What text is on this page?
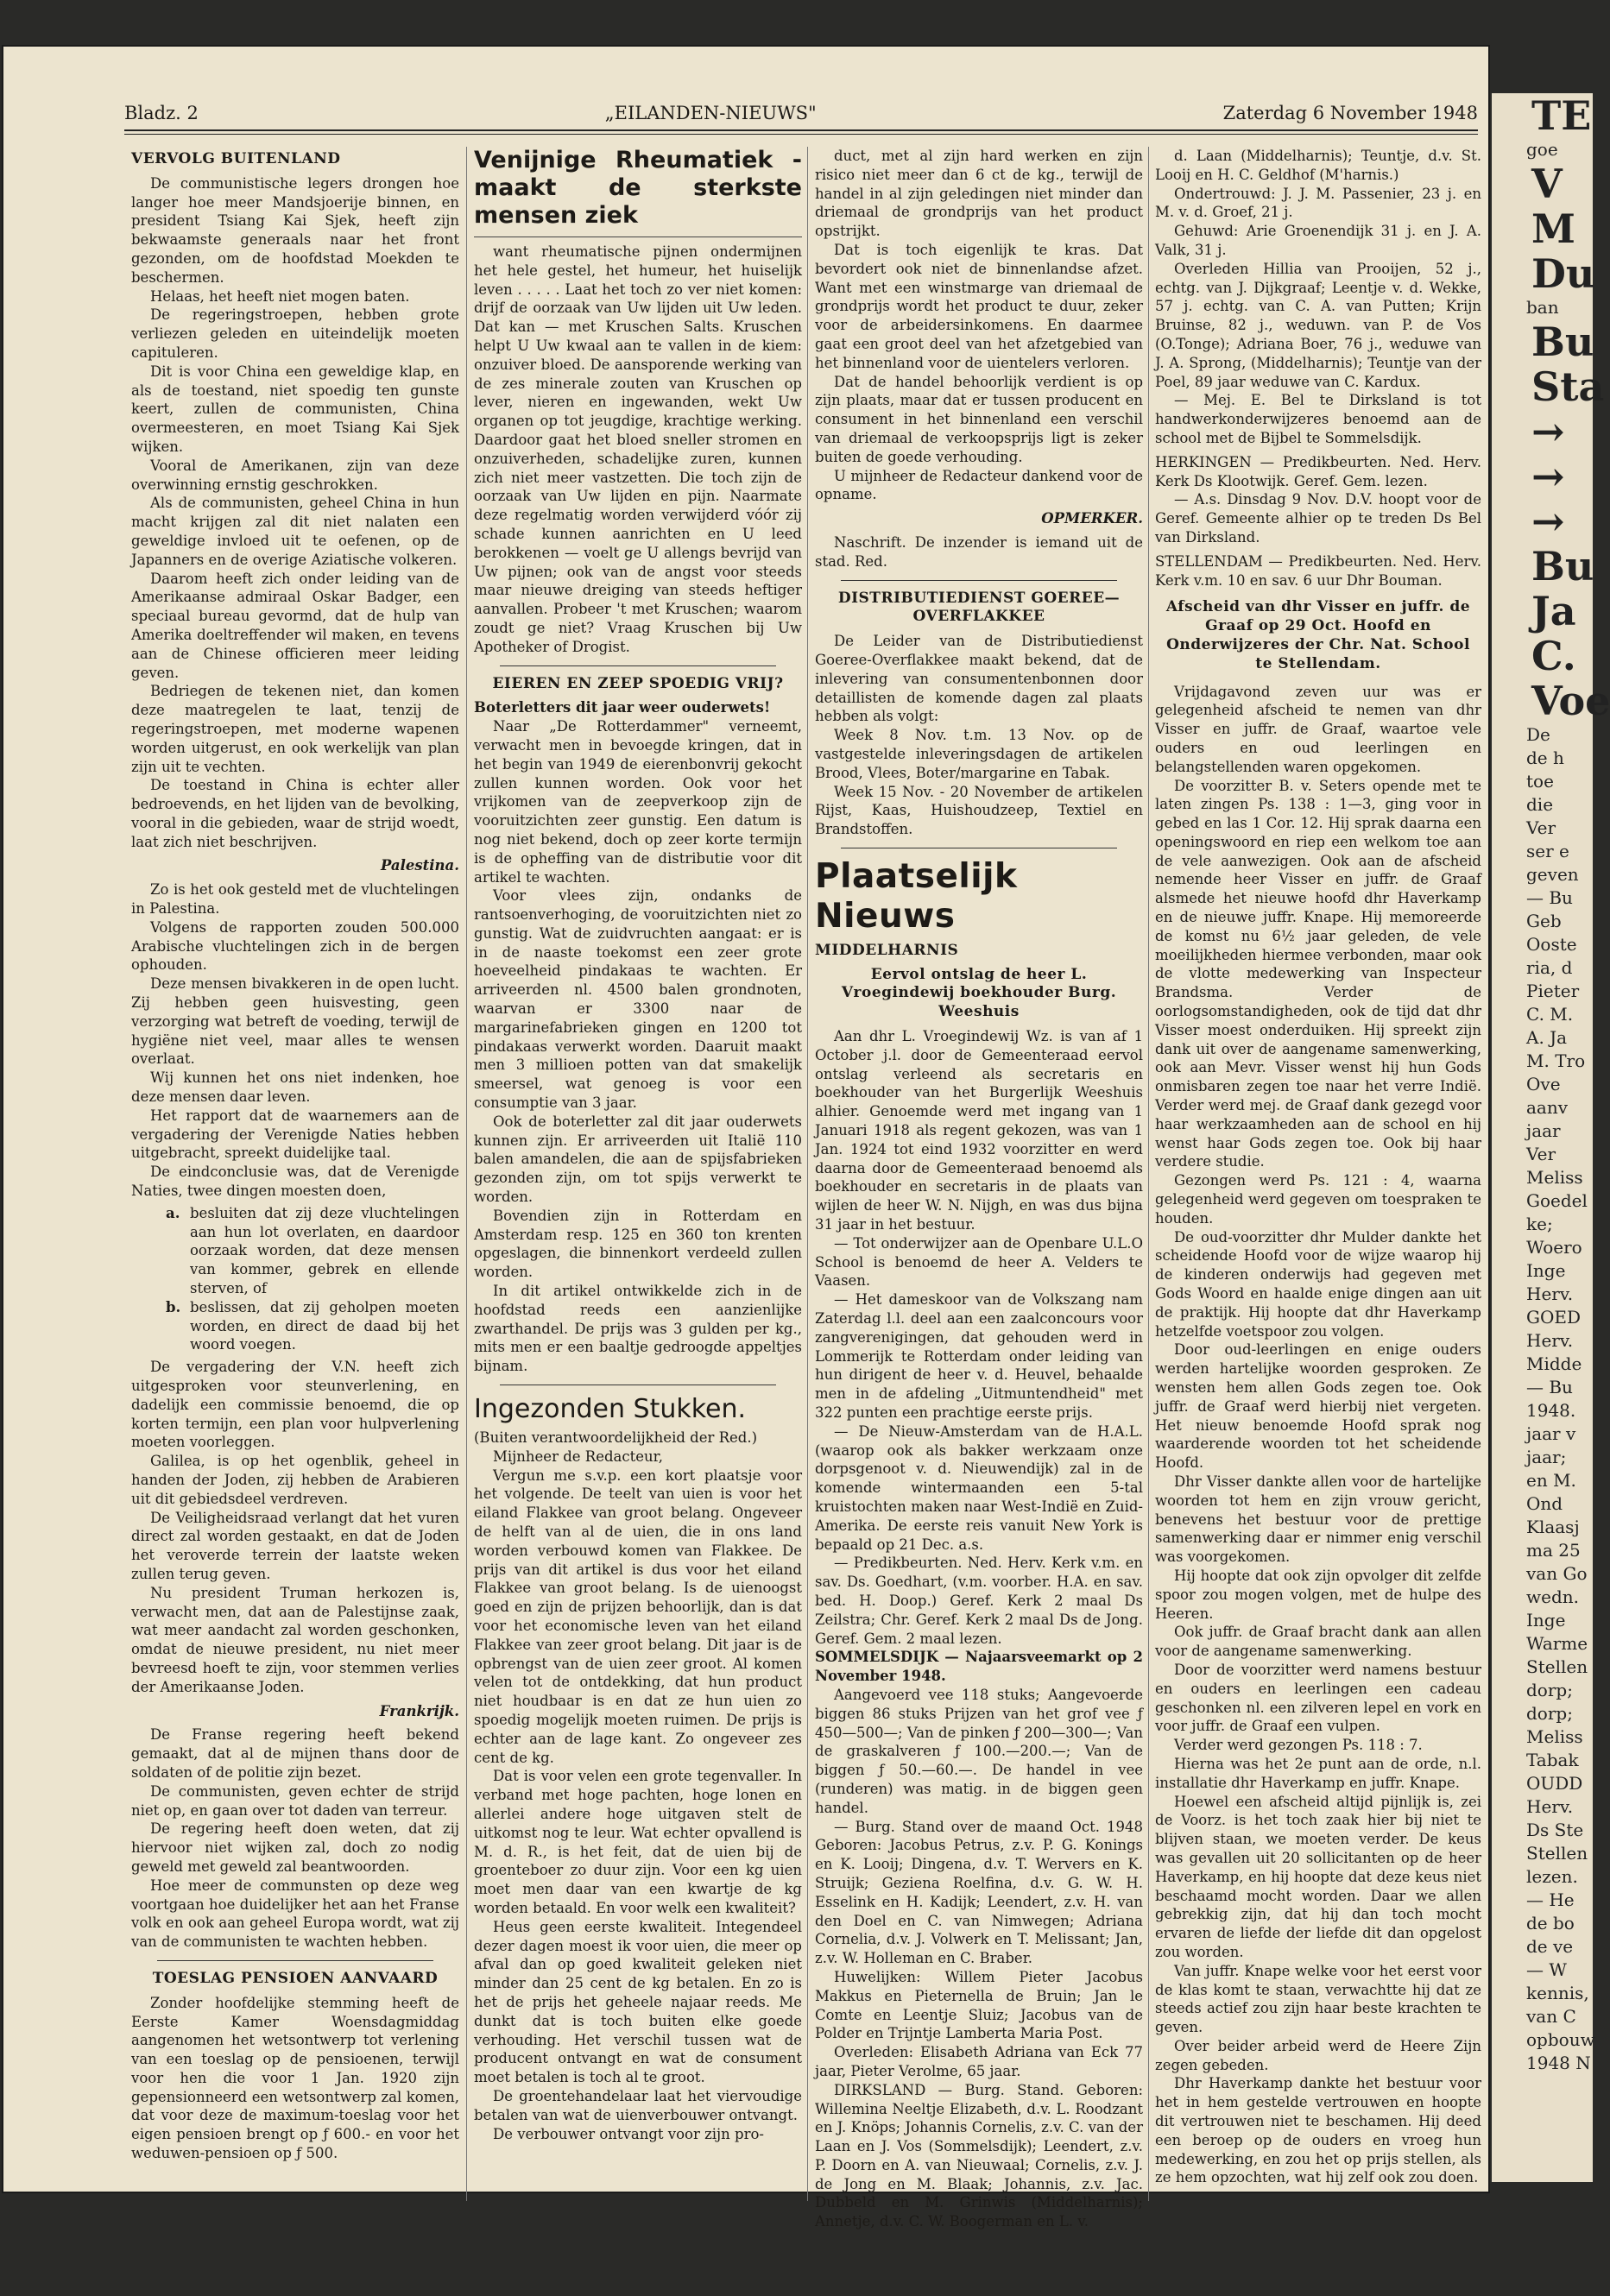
Bladz. 2	„EILANDEN-NIEUWS"	Zaterdag 6 November 1948
VERVOLG BUITENLAND

De communistische legers drongen hoe langer hoe meer Mandsjoerije binnen, en president Tsiang Kai Sjek, heeft zijn bekwaamste generaals naar het front gezonden, om de hoofdstad Moekden te beschermen.

Helaas, het heeft niet mogen baten.

De regeringstroepen, hebben grote verliezen geleden en uiteindelijk moeten capituleren.

Dit is voor China een geweldige klap, en als de toestand, niet spoedig ten gunste keert, zullen de communisten, China overmeesteren, en moet Tsiang Kai Sjek wijken.

Vooral de Amerikanen, zijn van deze overwinning ernstig geschrokken.

Als de communisten, geheel China in hun macht krijgen zal dit niet nalaten een geweldige invloed uit te oefenen, op de Japanners en de overige Aziatische volkeren.

Daarom heeft zich onder leiding van de Amerikaanse admiraal Oskar Badger, een speciaal bureau gevormd, dat de hulp van Amerika doeltreffender wil maken, en tevens aan de Chinese officieren meer leiding geven.

Bedriegen de tekenen niet, dan komen deze maatregelen te laat, tenzij de regeringstroepen, met moderne wapenen worden uitgerust, en ook werkelijk van plan zijn uit te vechten.

De toestand in China is echter aller bedroevends, en het lijden van de bevolking, vooral in die gebieden, waar de strijd woedt, laat zich niet beschrijven.

Palestina.

Zo is het ook gesteld met de vluchtelingen in Palestina.

Volgens de rapporten zouden 500.000 Arabische vluchtelingen zich in de bergen ophouden.

Deze mensen bivakkeren in de open lucht. Zij hebben geen huisvesting, geen verzorging wat betreft de voeding, terwijl de hygiëne niet veel, maar alles te wensen overlaat.

Wij kunnen het ons niet indenken, hoe deze mensen daar leven.

Het rapport dat de waarnemers aan de vergadering der Verenigde Naties hebben uitgebracht, spreekt duidelijke taal.

De eindconclusie was, dat de Verenigde Naties, twee dingen moesten doen,

a. besluiten dat zij deze vluchtelingen aan hun lot overlaten, en daardoor oorzaak worden, dat deze mensen van kommer, gebrek en ellende sterven, of
b. beslissen, dat zij geholpen moeten worden, en direct de daad bij het woord voegen.

De vergadering der V.N. heeft zich uitgesproken voor steunverlening, en dadelijk een commissie benoemd, die op korten termijn, een plan voor hulpverlening moeten voorleggen.

Galilea, is op het ogenblik, geheel in handen der Joden, zij hebben de Arabieren uit dit gebiedsdeel verdreven.

De Veiligheidsraad verlangt dat het vuren direct zal worden gestaakt, en dat de Joden het veroverde terrein der laatste weken zullen terug geven.

Nu president Truman herkozen is, verwacht men, dat aan de Palestijnse zaak, wat meer aandacht zal worden geschonken, omdat de nieuwe president, nu niet meer bevreesd hoeft te zijn, voor stemmen verlies der Amerikaanse Joden.

Frankrijk.

De Franse regering heeft bekend gemaakt, dat al de mijnen thans door de soldaten of de politie zijn bezet.

De communisten, geven echter de strijd niet op, en gaan over tot daden van terreur.

De regering heeft doen weten, dat zij hiervoor niet wijken zal, doch zo nodig geweld met geweld zal beantwoorden.

Hoe meer de communsten op deze weg voortgaan hoe duidelijker het aan het Franse volk en ook aan geheel Europa wordt, wat zij van de communisten te wachten hebben.

TOESLAG PENSIOEN AANVAARD

Zonder hoofdelijke stemming heeft de Eerste Kamer Woensdagmiddag aangenomen het wetsontwerp tot verlening van een toeslag op de pensioenen, terwijl voor hen die voor 1 Jan. 1920 zijn gepensionneerd een wetsontwerp zal komen, dat voor deze de maximum-toeslag voor het eigen pensioen brengt op ƒ 600.- en voor het weduwen-pensioen op ƒ 500.

Venijnige Rheumatiek - maakt de sterkste mensen ziek

want rheumatische pijnen ondermijnen het hele gestel, het humeur, het huiselijk leven . . . . . Laat het toch zo ver niet komen: drijf de oorzaak van Uw lijden uit Uw leden. Dat kan — met Kruschen Salts. Kruschen helpt U Uw kwaal aan te vallen in de kiem: onzuiver bloed. De aansporende werking van de zes minerale zouten van Kruschen op lever, nieren en ingewanden, wekt Uw organen op tot jeugdige, krachtige werking. Daardoor gaat het bloed sneller stromen en onzuiverheden, schadelijke zuren, kunnen zich niet meer vastzetten. Die toch zijn de oorzaak van Uw lijden en pijn. Naarmate deze regelmatig worden verwijderd vóór zij schade kunnen aanrichten en U leed berokkenen — voelt ge U allengs bevrijd van Uw pijnen; ook van de angst voor steeds maar nieuwe dreiging van steeds heftiger aanvallen. Probeer 't met Kruschen; waarom zoudt ge niet? Vraag Kruschen bij Uw Apotheker of Drogist.

EIEREN EN ZEEP SPOEDIG VRIJ?

Boterletters dit jaar weer ouderwets!

Naar „De Rotterdammer" verneemt, verwacht men in bevoegde kringen, dat in het begin van 1949 de eierenbonvrij gekocht zullen kunnen worden. Ook voor het vrijkomen van de zeepverkoop zijn de vooruitzichten zeer gunstig. Een datum is nog niet bekend, doch op zeer korte termijn is de opheffing van de distributie voor dit artikel te wachten.

Voor vlees zijn, ondanks de rantsoenverhoging, de vooruitzichten niet zo gunstig. Wat de zuidvruchten aangaat: er is in de naaste toekomst een zeer grote hoeveelheid pindakaas te wachten. Er arriveerden nl. 4500 balen grondnoten, waarvan er 3300 naar de margarinefabrieken gingen en 1200 tot pindakaas verwerkt worden. Daaruit maakt men 3 millioen potten van dat smakelijk smeersel, wat genoeg is voor een consumptie van 3 jaar.

Ook de boterletter zal dit jaar ouderwets kunnen zijn. Er arriveerden uit Italië 110 balen amandelen, die aan de spijsfabrieken gezonden zijn, om tot spijs verwerkt te worden.

Bovendien zijn in Rotterdam en Amsterdam resp. 125 en 360 ton krenten opgeslagen, die binnenkort verdeeld zullen worden.

In dit artikel ontwikkelde zich in de hoofdstad reeds een aanzienlijke zwarthandel. De prijs was 3 gulden per kg., mits men er een baaltje gedroogde appeltjes bijnam.

Ingezonden Stukken.

(Buiten verantwoordelijkheid der Red.)

Mijnheer de Redacteur,

Vergun me s.v.p. een kort plaatsje voor het volgende. De teelt van uien is voor het eiland Flakkee van groot belang. Ongeveer de helft van al de uien, die in ons land worden verbouwd komen van Flakkee. De prijs van dit artikel is dus voor het eiland Flakkee van groot belang. Is de uienoogst goed en zijn de prijzen behoorlijk, dan is dat voor het economische leven van het eiland Flakkee van zeer groot belang. Dit jaar is de opbrengst van de uien zeer groot. Al komen velen tot de ontdekking, dat hun product niet houdbaar is en dat ze hun uien zo spoedig mogelijk moeten ruimen. De prijs is echter aan de lage kant. Zo ongeveer zes cent de kg.

Dat is voor velen een grote tegenvaller. In verband met hoge pachten, hoge lonen en allerlei andere hoge uitgaven stelt de uitkomst nog te leur. Wat echter opvallend is M. d. R., is het feit, dat de uien bij de groenteboer zo duur zijn. Voor een kg uien moet men daar van een kwartje de kg worden betaald. En voor welk een kwaliteit?

Heus geen eerste kwaliteit. Integendeel dezer dagen moest ik voor uien, die meer op afval dan op goed kwaliteit geleken niet minder dan 25 cent de kg betalen. En zo is het de prijs het geheele najaar reeds. Me dunkt dat is toch buiten elke goede verhouding. Het verschil tussen wat de producent ontvangt en wat de consument moet betalen is toch al te groot.

De groentehandelaar laat het viervoudige betalen van wat de uienverbouwer ontvangt.

De verbouwer ontvangt voor zijn pro-

duct, met al zijn hard werken en zijn risico niet meer dan 6 ct de kg., terwijl de handel in al zijn geledingen niet minder dan driemaal de grondprijs van het product opstrijkt.

Dat is toch eigenlijk te kras. Dat bevordert ook niet de binnenlandse afzet. Want met een winstmarge van driemaal de grondprijs wordt het product te duur, zeker voor de arbeidersinkomens. En daarmee gaat een groot deel van het afzetgebied van het binnenland voor de uientelers verloren.

Dat de handel behoorlijk verdient is op zijn plaats, maar dat er tussen producent en consument in het binnenland een verschil van driemaal de verkoopsprijs ligt is zeker buiten de goede verhouding.

U mijnheer de Redacteur dankend voor de opname.

OPMERKER.

Naschrift. De inzender is iemand uit de stad. Red.

DISTRIBUTIEDIENST GOEREE—OVERFLAKKEE

De Leider van de Distributiedienst Goeree-Overflakkee maakt bekend, dat de inlevering van consumentenbonnen door detaillisten de komende dagen zal plaats hebben als volgt:

Week 8 Nov. t.m. 13 Nov. op de vastgestelde inleveringsdagen de artikelen Brood, Vlees, Boter/margarine en Tabak.

Week 15 Nov. - 20 November de artikelen Rijst, Kaas, Huishoudzeep, Textiel en Brandstoffen.

Plaatselijk Nieuws
MIDDELHARNIS
Eervol ontslag de heer L. Vroegindewij boekhouder Burg. Weeshuis

Aan dhr L. Vroegindewij Wz. is van af 1 October j.l. door de Gemeenteraad eervol ontslag verleend als secretaris en boekhouder van het Burgerlijk Weeshuis alhier. Genoemde werd met ingang van 1 Januari 1918 als regent gekozen, was van 1 Jan. 1924 tot eind 1932 voorzitter en werd daarna door de Gemeenteraad benoemd als boekhouder en secretaris in de plaats van wijlen de heer W. N. Nijgh, en was dus bijna 31 jaar in het bestuur.

— Tot onderwijzer aan de Openbare U.L.O School is benoemd de heer A. Velders te Vaasen.

— Het dameskoor van de Volkszang nam Zaterdag l.l. deel aan een zaalconcours voor zangverenigingen, dat gehouden werd in Lommerijk te Rotterdam onder leiding van hun dirigent de heer v. d. Heuvel, behaalde men in de afdeling „Uitmuntendheid" met 322 punten een prachtige eerste prijs.

— De Nieuw-Amsterdam van de H.A.L. (waarop ook als bakker werkzaam onze dorpsgenoot v. d. Nieuwendijk) zal in de komende wintermaanden een 5-tal kruistochten maken naar West-Indië en Zuid-Amerika. De eerste reis vanuit New York is bepaald op 21 Dec. a.s.

— Predikbeurten. Ned. Herv. Kerk v.m. en sav. Ds. Goedhart, (v.m. voorber. H.A. en sav. bed. H. Doop.) Geref. Kerk 2 maal Ds Zeilstra; Chr. Geref. Kerk 2 maal Ds de Jong. Geref. Gem. 2 maal lezen.

SOMMELSDIJK — Najaarsveemarkt op 2 November 1948.

Aangevoerd vee 118 stuks; Aangevoerde biggen 86 stuks Prijzen van het grof vee ƒ 450—500—; Van de pinken ƒ 200—300—; Van de graskalveren ƒ 100.—200.—; Van de biggen ƒ 50.—60.—. De handel in vee (runderen) was matig. in de biggen geen handel.

— Burg. Stand over de maand Oct. 1948 Geboren: Jacobus Petrus, z.v. P. G. Konings en K. Looij; Dingena, d.v. T. Wervers en K. Struijk; Geziena Roelfina, d.v. G. W. H. Esselink en H. Kadijk; Leendert, z.v. H. van den Doel en C. van Nimwegen; Adriana Cornelia, d.v. J. Volwerk en T. Melissant; Jan, z.v. W. Holleman en C. Braber.

Huwelijken: Willem Pieter Jacobus Makkus en Pieternella de Bruin; Jan le Comte en Leentje Sluiz; Jacobus van de Polder en Trijntje Lamberta Maria Post.

Overleden: Elisabeth Adriana van Eck 77 jaar, Pieter Verolme, 65 jaar.

DIRKSLAND — Burg. Stand. Geboren: Willemina Neeltje Elizabeth, d.v. L. Roodzant en J. Knöps; Johannis Cornelis, z.v. C. van der Laan en J. Vos (Sommelsdijk); Leendert, z.v. P. Doorn en A. van Nieuwaal; Cornelis, z.v. J. de Jong en M. Blaak; Johannis, z.v. Jac. Dubbeld en M. Grinwis (Middelharnis); Annetje, d.v. C. W. Boogerman en L. v.

d. Laan (Middelharnis); Teuntje, d.v. St. Looij en H. C. Geldhof (M'harnis.)

Ondertrouwd: J. J. M. Passenier, 23 j. en M. v. d. Groef, 21 j.

Gehuwd: Arie Groenendijk 31 j. en J. A. Valk, 31 j.

Overleden Hillia van Prooijen, 52 j., echtg. van J. Dijkgraaf; Leentje v. d. Wekke, 57 j. echtg. van C. A. van Putten; Krijn Bruinse, 82 j., weduwn. van P. de Vos (O.Tonge); Adriana Boer, 76 j., weduwe van J. A. Sprong, (Middelharnis); Teuntje van der Poel, 89 jaar weduwe van C. Kardux.

— Mej. E. Bel te Dirksland is tot handwerkonderwijzeres benoemd aan de school met de Bijbel te Sommelsdijk.

HERKINGEN — Predikbeurten. Ned. Herv. Kerk Ds Klootwijk. Geref. Gem. lezen.

— A.s. Dinsdag 9 Nov. D.V. hoopt voor de Geref. Gemeente alhier op te treden Ds Bel van Dirksland.

STELLENDAM — Predikbeurten. Ned. Herv. Kerk v.m. 10 en sav. 6 uur Dhr Bouman.

Afscheid van dhr Visser en juffr. de Graaf op 29 Oct. Hoofd en Onderwijzeres der Chr. Nat. School te Stellendam.

Vrijdagavond zeven uur was er gelegenheid afscheid te nemen van dhr Visser en juffr. de Graaf, waartoe vele ouders en oud leerlingen en belangstellenden waren opgekomen.

De voorzitter B. v. Seters opende met te laten zingen Ps. 138 : 1—3, ging voor in gebed en las 1 Cor. 12. Hij sprak daarna een openingswoord en riep een welkom toe aan de vele aanwezigen. Ook aan de afscheid nemende heer Visser en juffr. de Graaf alsmede het nieuwe hoofd dhr Haverkamp en de nieuwe juffr. Knape. Hij memoreerde de komst nu 6½ jaar geleden, de vele moeilijkheden hiermee verbonden, maar ook de vlotte medewerking van Inspecteur Brandsma. Verder de oorlogsomstandigheden, ook de tijd dat dhr Visser moest onderduiken. Hij spreekt zijn dank uit over de aangename samenwerking, ook aan Mevr. Visser wenst hij hun Gods onmisbaren zegen toe naar het verre Indië. Verder werd mej. de Graaf dank gezegd voor haar werkzaamheden aan de school en hij wenst haar Gods zegen toe. Ook bij haar verdere studie.

Gezongen werd Ps. 121 : 4, waarna gelegenheid werd gegeven om toespraken te houden.

De oud-voorzitter dhr Mulder dankte het scheidende Hoofd voor de wijze waarop hij de kinderen onderwijs had gegeven met Gods Woord en haalde enige dingen aan uit de praktijk. Hij hoopte dat dhr Haverkamp hetzelfde voetspoor zou volgen.

Door oud-leerlingen en enige ouders werden hartelijke woorden gesproken. Ze wensten hem allen Gods zegen toe. Ook juffr. de Graaf werd hierbij niet vergeten. Het nieuw benoemde Hoofd sprak nog waarderende woorden tot het scheidende Hoofd.

Dhr Visser dankte allen voor de hartelijke woorden tot hem en zijn vrouw gericht, benevens het bestuur voor de prettige samenwerking daar er nimmer enig verschil was voorgekomen.

Hij hoopte dat ook zijn opvolger dit zelfde spoor zou mogen volgen, met de hulpe des Heeren.

Ook juffr. de Graaf bracht dank aan allen voor de aangename samenwerking.

Door de voorzitter werd namens bestuur en ouders en leerlingen een cadeau geschonken nl. een zilveren lepel en vork en voor juffr. de Graaf een vulpen.

Verder werd gezongen Ps. 118 : 7.

Hierna was het 2e punt aan de orde, n.l. installatie dhr Haverkamp en juffr. Knape.

Hoewel een afscheid altijd pijnlijk is, zei de Voorz. is het toch zaak hier bij niet te blijven staan, we moeten verder. De keus was gevallen uit 20 sollicitanten op de heer Haverkamp, en hij hoopte dat deze keus niet beschaamd mocht worden. Daar we allen gebrekkig zijn, dat hij dan toch mocht ervaren de liefde der liefde dit dan opgelost zou worden.

Van juffr. Knape welke voor het eerst voor de klas komt te staan, verwachtte hij dat ze steeds actief zou zijn haar beste krachten te geven.

Over beider arbeid werd de Heere Zijn zegen gebeden.

Dhr Haverkamp dankte het bestuur voor het in hem gestelde vertrouwen en hoopte dit vertrouwen niet te beschamen. Hij deed een beroep op de ouders en vroeg hun medewerking, en zou het op prijs stellen, als ze hem opzochten, wat hij zelf ook zou doen.

TE
goe
V
M
Du
ban
Bu
Sta
→
→
→
Bu
Ja
C.
Voe
De
de h
toe
die
Ver
ser e
geven
— Bu
Geb
Ooste
ria, d
Pieter
C. M.
A. Ja
M. Tro
Ove
aanv
jaar
Ver
Meliss
Goedel
ke;
Woero
Inge
Herv.
GOED
Herv.
Midde
— Bu
1948.
jaar v
jaar;
en M.
Ond
Klaasj
ma 25
van Go
wedn.
Inge
Warme
Stellen
dorp;
dorp;
Meliss
Tabak
OUDD
Herv.
Ds Ste
Stellen
lezen.
— He
de bo
de ve
— W
kennis,
van C
opbouw
1948 N
